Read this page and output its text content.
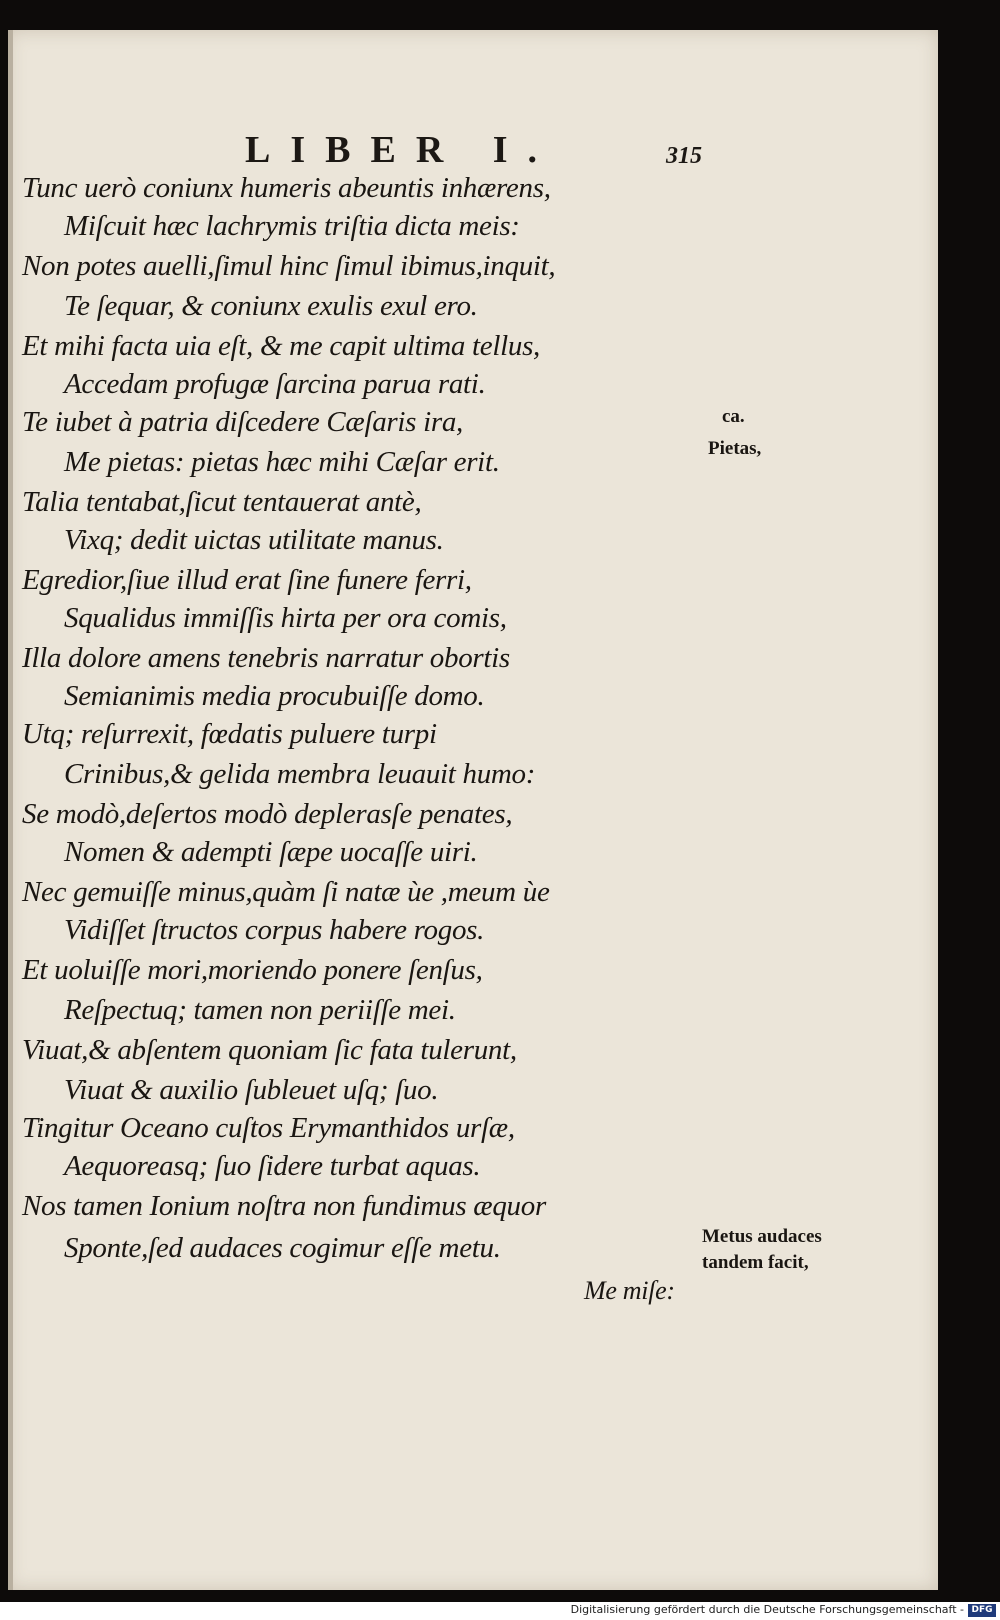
LIBER I.	315
Tunc uerò coniunx humeris abeuntis inhærens,
Miſcuit hæc lachrymis triſtia dicta meis:
Non potes auelli,ſimul hinc ſimul ibimus,inquit,
Te ſequar, & coniunx exulis exul ero.
Et mihi facta uia eſt, & me capit ultima tellus,
Accedam profugæ ſarcina parua rati.
Te iubet à patria diſcedere Cæſaris ira,
Me pietas: pietas hæc mihi Cæſar erit.
Talia tentabat,ſicut tentauerat antè,
Vixq; dedit uictas utilitate manus.
Egredior,ſiue illud erat ſine funere ferri,
Squalidus immiſſis hirta per ora comis,
Illa dolore amens tenebris narratur obortis
Semianimis media procubuiſſe domo.
Utq; reſurrexit, fœdatis puluere turpi
Crinibus,& gelida membra leuauit humo:
Se modò,deſertos modò deplerasſe penates,
Nomen & adempti ſæpe uocaſſe uiri.
Nec gemuiſſe minus,quàm ſi natæ ùe ,meum ùe
Vidiſſet ſtructos corpus habere rogos.
Et uoluiſſe mori,moriendo ponere ſenſus,
Reſpectuq; tamen non periiſſe mei.
Viuat,& abſentem quoniam ſic fata tulerunt,
Viuat & auxilio ſubleuet uſq; ſuo.
Tingitur Oceano cuſtos Erymanthidos urſæ,
Aequoreasq; ſuo ſidere turbat aquas.
Nos tamen Ionium noſtra non fundimus æquor
Sponte,ſed audaces cogimur eſſe metu.
ca.
Pietas,
Metus audaces
tandem facit,
Me miſe:
Digitalisierung gefördert durch die Deutsche Forschungsgemeinschaft - DFG
